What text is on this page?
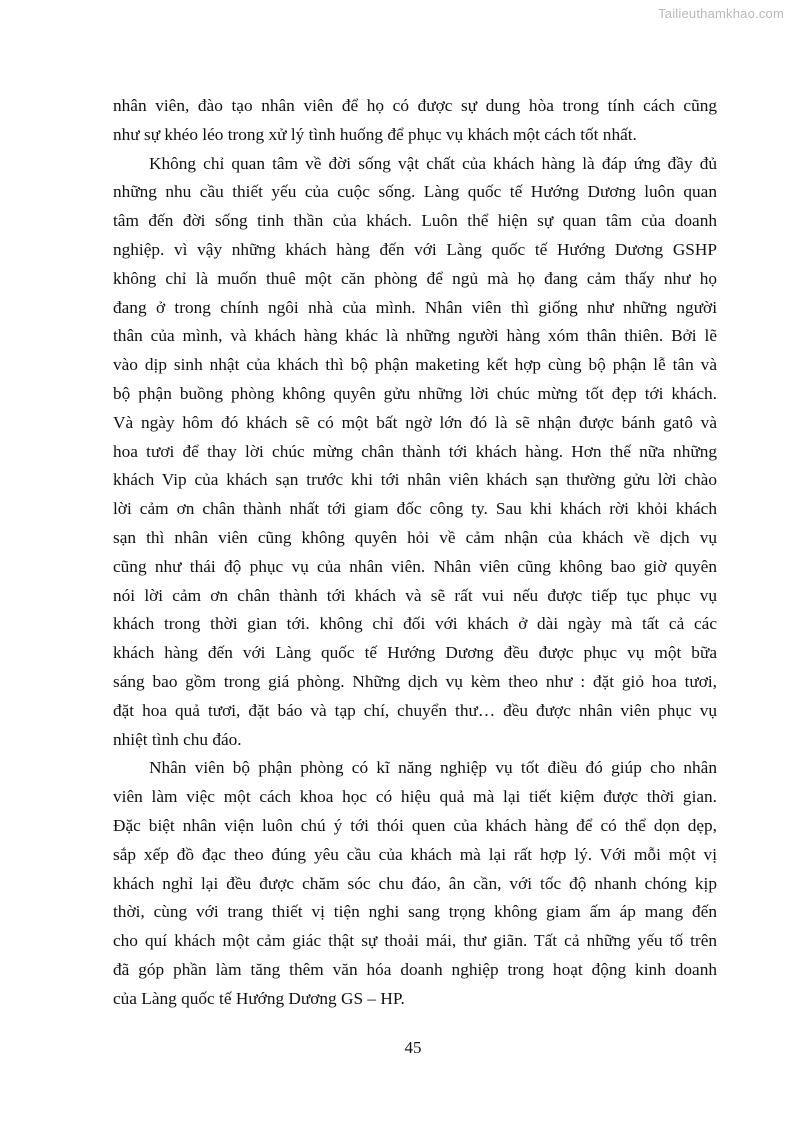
Tailieuthamkhao.com
nhân viên, đào tạo nhân viên để họ có được sự dung hòa trong tính cách cũng
như sự khéo léo trong xử lý tình huống để phục vụ khách một cách tốt nhất.
Không chỉ quan tâm về đời sống vật chất của khách hàng là đáp ứng đầy đủ
những nhu cầu thiết yếu của cuộc sống. Làng quốc tế Hướng Dương luôn quan
tâm đến đời sống tinh thần của khách. Luôn thể hiện sự quan tâm của doanh
nghiệp. vì vậy những khách hàng đến với Làng quốc tế Hướng Dương GSHP
không chỉ là muốn thuê một căn phòng để ngủ mà họ đang cảm thấy như họ
đang ở trong chính ngôi nhà của mình. Nhân viên thì giống như những người
thân của mình, và khách hàng khác là những người hàng xóm thân thiên. Bởi lẽ
vào dịp sinh nhật của khách thì bộ phận maketing kết hợp cùng bộ phận lễ tân và
bộ phận buồng phòng không quyên gửu những lời chúc mừng tốt đẹp tới khách.
Và ngày hôm đó khách sẽ có một bất ngờ lớn đó là sẽ nhận được bánh gatô và
hoa tươi để thay lời chúc mừng chân thành tới khách hàng. Hơn thế nữa những
khách Vip của khách sạn trước khi tới nhân viên khách sạn thường gửu lời chào
lời cảm ơn chân thành nhất tới giam đốc công ty. Sau khi khách rời khỏi khách
sạn thì nhân viên cũng không quyên hỏi về cảm nhận của khách về dịch vụ
cũng như thái độ phục vụ của nhân viên. Nhân viên cũng không bao giờ quyên
nói lời cảm ơn chân thành tới khách và sẽ rất vui nếu được tiếp tục phục vụ
khách trong thời gian tới. không chỉ đối với khách ở dài ngày mà tất cả các
khách hàng đến với Làng quốc tế Hướng Dương đều được phục vụ một bữa
sáng bao gồm trong giá phòng. Những dịch vụ kèm theo như : đặt giỏ hoa tươi,
đặt hoa quả tươi, đặt báo và tạp chí, chuyển thư… đều được nhân viên phục vụ
nhiệt tình chu đáo.
Nhân viên bộ phận phòng có kĩ năng nghiệp vụ tốt điều đó giúp cho nhân
viên làm việc một cách khoa học có hiệu quả mà lại tiết kiệm được thời gian.
Đặc biệt nhân viện luôn chú ý tới thói quen của khách hàng để có thể dọn dẹp,
sắp xếp đồ đạc theo đúng yêu cầu của khách mà lại rất hợp lý. Với mỗi một vị
khách nghỉ lại đều được chăm sóc chu đáo, ân cần, với tốc độ nhanh chóng kịp
thời, cùng với trang thiết vị tiện nghi sang trọng không giam ấm áp mang đến
cho quí khách một cảm giác thật sự thoải mái, thư giãn. Tất cả những yếu tố trên
đã góp phần làm tăng thêm văn hóa doanh nghiệp trong hoạt động kinh doanh
của Làng quốc tế Hướng Dương GS – HP.
45
